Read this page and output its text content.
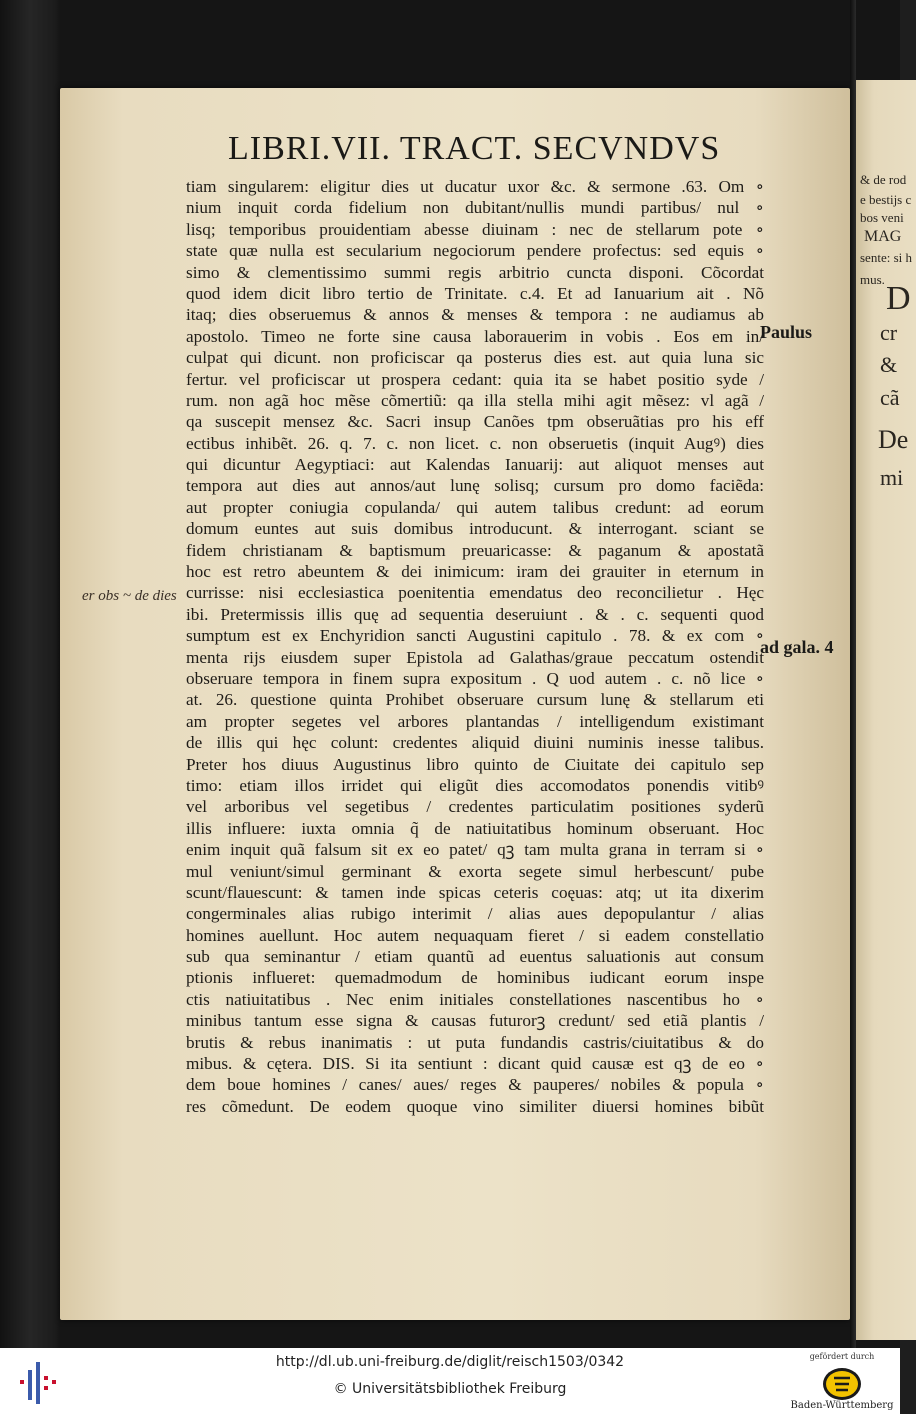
& de rod
e bestijs c
bos veni
MAG
sente: si h
mus.
D
cr
&
cã
De
mi
LIBRI.VII. TRACT. SECVNDVS
tiam singularem: eligitur dies ut ducatur uxor &c. & sermone .63. Om ∘
nium inquit corda fidelium non dubitant/nullis mundi partibus/ nul ∘
lisq; temporibus prouidentiam abesse diuinam : nec de stellarum pote ∘
state quæ nulla est secularium negociorum pendere profectus: sed equis ∘
simo & clementissimo summi regis arbitrio cuncta disponi. Cõcordat
quod idem dicit libro tertio de Trinitate. c.4. Et ad Ianuarium ait . Nõ
itaq; dies obseruemus & annos & menses & tempora : ne audiamus ab
apostolo. Timeo ne forte sine causa laborauerim in vobis . Eos em in/
culpat qui dicunt. non proficiscar qa posterus dies est. aut quia luna sic
fertur. vel proficiscar ut prospera cedant: quia ita se habet positio syde /
rum. non agã hoc mẽse cõmertiũ: qa illa stella mihi agit mẽsez: vl agã /
qa suscepit mensez &c. Sacri insup Canões tpm obseruãtias pro his eff
ectibus inhibẽt. 26. q. 7. c. non licet. c. non obseruetis (inquit Augꝰ) dies
qui dicuntur Aegyptiaci: aut Kalendas Ianuarij: aut aliquot menses aut
tempora aut dies aut annos/aut lunę solisq; cursum pro domo faciẽda:
aut propter coniugia copulanda/ qui autem talibus credunt: ad eorum
domum euntes aut suis domibus introducunt. & interrogant. sciant se
fidem christianam & baptismum preuaricasse: & paganum & apostatã
hoc est retro abeuntem & dei inimicum: iram dei grauiter in eternum in
currisse: nisi ecclesiastica poenitentia emendatus deo reconcilietur . Hęc
ibi. Pretermissis illis quę ad sequentia deseruiunt . & . c. sequenti quod
sumptum est ex Enchyridion sancti Augustini capitulo . 78. & ex com ∘
menta rijs eiusdem super Epistola ad Galathas/graue peccatum ostendit
obseruare tempora in finem supra expositum . Q uod autem . c. nõ lice ∘
at. 26. questione quinta Prohibet obseruare cursum lunę & stellarum eti
am propter segetes vel arbores plantandas / intelligendum existimant
de illis qui hęc colunt: credentes aliquid diuini numinis inesse talibus.
Preter hos diuus Augustinus libro quinto de Ciuitate dei capitulo sep
timo: etiam illos irridet qui eligũt dies accomodatos ponendis vitibꝰ
vel arboribus vel segetibus / credentes particulatim positiones syderũ
illis influere: iuxta omnia q̃ de natiuitatibus hominum obseruant. Hoc
enim inquit quã falsum sit ex eo patet/ qꝫ tam multa grana in terram si ∘
mul veniunt/simul germinant & exorta segete simul herbescunt/ pube
scunt/flauescunt: & tamen inde spicas ceteris coęuas: atq; ut ita dixerim
congerminales alias rubigo interimit / alias aues depopulantur / alias
homines auellunt. Hoc autem nequaquam fieret / si eadem constellatio
sub qua seminantur / etiam quantũ ad euentus saluationis aut consum
ptionis influeret: quemadmodum de hominibus iudicant eorum inspe
ctis natiuitatibus . Nec enim initiales constellationes nascentibus ho ∘
minibus tantum esse signa & causas futurorꝫ credunt/ sed etiã plantis /
brutis & rebus inanimatis : ut puta fundandis castris/ciuitatibus & do
mibus. & cętera. DIS. Si ita sentiunt : dicant quid causæ est qꝫ de eo ∘
dem boue homines / canes/ aues/ reges & pauperes/ nobiles & popula ∘
res cõmedunt. De eodem quoque vino similiter diuersi homines bibũt
Paulus
ad gala. 4
er obs ~ de dies
http://dl.ub.uni-freiburg.de/diglit/reisch1503/0342
© Universitätsbibliothek Freiburg
gefördert durch
Baden-Württemberg
